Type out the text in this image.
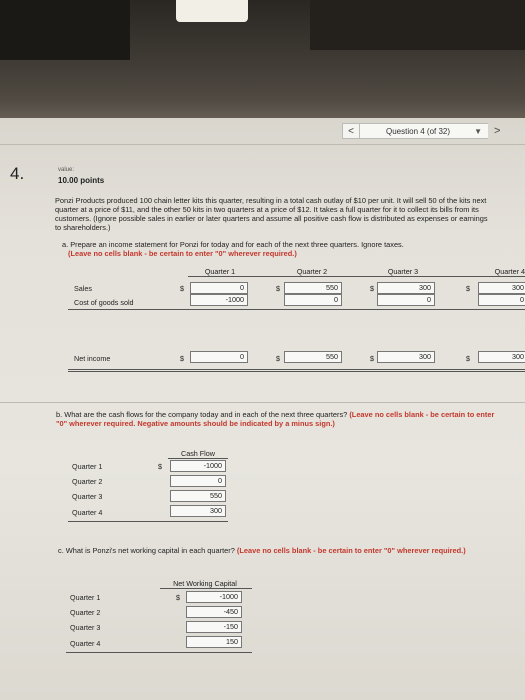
<	Question 4 (of 32)	▼ >
4.	value:
10.00 points
Ponzi Products produced 100 chain letter kits this quarter, resulting in a total cash outlay of $10 per unit. It will sell 50 of the kits next quarter at a price of $11, and the other 50 kits in two quarters at a price of $12. It takes a full quarter for it to collect its bills from its customers. (Ignore possible sales in earlier or later quarters and assume all positive cash flow is distributed as expenses or earnings to shareholders.)
a. Prepare an income statement for Ponzi for today and for each of the next three quarters. Ignore taxes.
(Leave no cells blank - be certain to enter "0" wherever required.)
Quarter 1	Quarter 2	Quarter 3	Quarter 4
Sales	$	0	$	550	$	300	$	300
Cost of goods sold	-1000	0	0	0
Net income	$	0	$	550	$	300	$	300
b. What are the cash flows for the company today and in each of the next three quarters? (Leave no cells blank - be certain to enter "0" wherever required. Negative amounts should be indicated by a minus sign.)
Cash Flow
Quarter 1	$	-1000
Quarter 2	0
Quarter 3	550
Quarter 4	300
c. What is Ponzi's net working capital in each quarter? (Leave no cells blank - be certain to enter "0" wherever required.)
Net Working Capital
Quarter 1	$	-1000
Quarter 2	-450
Quarter 3	-150
Quarter 4	150
